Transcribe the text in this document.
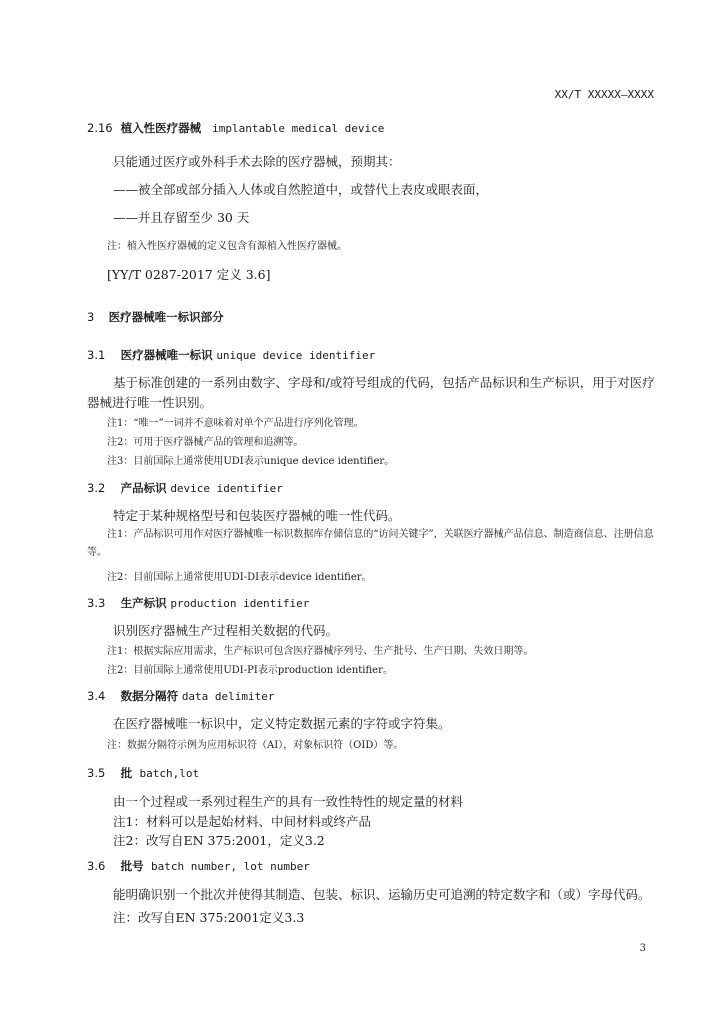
XX/T XXXXX—XXXX
2.16 植入性医疗器械 implantable medical device
只能通过医疗或外科手术去除的医疗器械，预期其：
——被全部或部分插入人体或自然腔道中，或替代上表皮或眼表面，
——并且存留至少 30 天
注：植入性医疗器械的定义包含有源植入性医疗器械。
[YY/T 0287-2017 定义 3.6]
3 医疗器械唯一标识部分
3.1 医疗器械唯一标识 unique device identifier
基于标准创建的一系列由数字、字母和/或符号组成的代码，包括产品标识和生产标识，用于对医疗器械进行唯一性识别。
注1：“唯一”一词并不意味着对单个产品进行序列化管理。
注2：可用于医疗器械产品的管理和追溯等。
注3：目前国际上通常使用UDI表示unique device identifier。
3.2 产品标识 device identifier
特定于某种规格型号和包装医疗器械的唯一性代码。
注1：产品标识可用作对医疗器械唯一标识数据库存储信息的“访问关键字”，关联医疗器械产品信息、制造商信息、注册信息等。
注2：目前国际上通常使用UDI-DI表示device identifier。
3.3 生产标识 production identifier
识别医疗器械生产过程相关数据的代码。
注1：根据实际应用需求，生产标识可包含医疗器械序列号、生产批号、生产日期、失效日期等。
注2：目前国际上通常使用UDI-PI表示production identifier。
3.4 数据分隔符 data delimiter
在医疗器械唯一标识中，定义特定数据元素的字符或字符集。
注：数据分隔符示例为应用标识符（AI），对象标识符（OID）等。
3.5 批 batch,lot
由一个过程或一系列过程生产的具有一致性特性的规定量的材料
注1：材料可以是起始材料、中间材料或终产品
注2：改写自EN 375:2001，定义3.2
3.6 批号 batch number, lot number
能明确识别一个批次并使得其制造、包装、标识、运输历史可追溯的特定数字和（或）字母代码。
注：改写自EN 375:2001定义3.3
3
